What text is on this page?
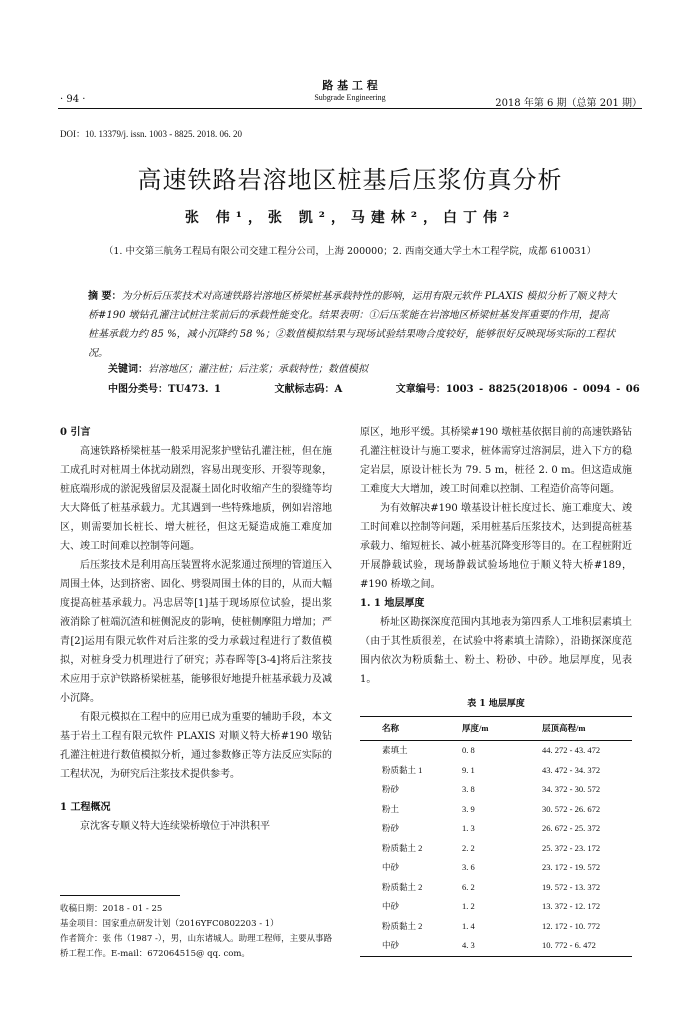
· 94 ·
路 基 工 程
Subgrade Engineering
2018 年第 6 期（总第 201 期）
DOI：10. 13379/j. issn. 1003 - 8825. 2018. 06. 20
高速铁路岩溶地区桩基后压浆仿真分析
张 伟¹，张 凯²，马建林²，白丁伟²
（1. 中交第三航务工程局有限公司交建工程分公司，上海 200000；2. 西南交通大学土木工程学院，成都 610031）
摘 要：为分析后压浆技术对高速铁路岩溶地区桥梁桩基承载特性的影响，运用有限元软件 PLAXIS 模拟分析了顺义特大桥#190 墩钻孔灌注试桩注浆前后的承载性能变化。结果表明：①后压浆能在岩溶地区桥梁桩基发挥重要的作用，提高桩基承载力约 85 %，减小沉降约 58 %；②数值模拟结果与现场试验结果吻合度较好，能够很好反映现场实际的工程状况。
关键词：岩溶地区；灌注桩；后注浆；承载特性；数值模拟
中图分类号：TU473. 1	文献标志码：A	文章编号：1003 - 8825(2018)06 - 0094 - 06

0 引言

高速铁路桥梁桩基一般采用泥浆护壁钻孔灌注桩，但在施工成孔时对桩周土体扰动剧烈，容易出现变形、开裂等现象，桩底端形成的淤泥残留层及混凝土固化时收缩产生的裂缝等均大大降低了桩基承载力。尤其遇到一些特殊地质，例如岩溶地区，则需要加长桩长、增大桩径，但这无疑造成施工难度加大、竣工时间难以控制等问题。

后压浆技术是利用高压装置将水泥浆通过预埋的管道压入周围土体，达到挤密、固化、劈裂周围土体的目的，从而大幅度提高桩基承载力。冯忠居等[1]基于现场原位试验，提出浆液消除了桩端沉渣和桩侧泥皮的影响，使桩侧摩阻力增加；严青[2]运用有限元软件对后注浆的受力承载过程进行了数值模拟，对桩身受力机理进行了研究；苏春晖等[3-4]将后注浆技术应用于京沪铁路桥梁桩基，能够很好地提升桩基承载力及减小沉降。

有限元模拟在工程中的应用已成为重要的辅助手段，本文基于岩土工程有限元软件 PLAXIS 对顺义特大桥#190 墩钻孔灌注桩进行数值模拟分析，通过参数修正等方法反应实际的工程状况，为研究后注浆技术提供参考。

1 工程概况

京沈客专顺义特大连续梁桥墩位于冲洪积平

原区，地形平缓。其桥梁#190 墩桩基依据目前的高速铁路钻孔灌注桩设计与施工要求，桩体需穿过溶洞层，进入下方的稳定岩层，原设计桩长为 79. 5 m，桩径 2. 0 m。但这造成施工难度大大增加，竣工时间难以控制、工程造价高等问题。

为有效解决#190 墩基设计桩长度过长、施工难度大、竣工时间难以控制等问题，采用桩基后压浆技术，达到提高桩基承载力、缩短桩长、减小桩基沉降变形等目的。在工程桩附近开展静载试验，现场静载试验场地位于顺义特大桥#189，#190 桥墩之间。

1. 1 地层厚度

桥址区勘探深度范围内其地表为第四系人工堆积层素填土（由于其性质很差，在试验中将素填土清除），沿勘探深度范围内依次为粉质黏土、粉土、粉砂、中砂。地层厚度，见表 1。

表 1 地层厚度
名称	厚度/m	层顶高程/m
素填土	0. 8	44. 272 - 43. 472
粉质黏土 1	9. 1	43. 472 - 34. 372
粉砂	3. 8	34. 372 - 30. 572
粉土	3. 9	30. 572 - 26. 672
粉砂	1. 3	26. 672 - 25. 372
粉质黏土 2	2. 2	25. 372 - 23. 172
中砂	3. 6	23. 172 - 19. 572
粉质黏土 2	6. 2	19. 572 - 13. 372
中砂	1. 2	13. 372 - 12. 172
粉质黏土 2	1. 4	12. 172 - 10. 772
中砂	4. 3	10. 772 - 6. 472
收稿日期：2018 - 01 - 25
基金项目：国家重点研发计划（2016YFC0802203 - 1）
作者简介：张 伟（1987 -），男，山东诸城人。助理工程师，主要从事路桥工程工作。E-mail：672064515@ qq. com。
